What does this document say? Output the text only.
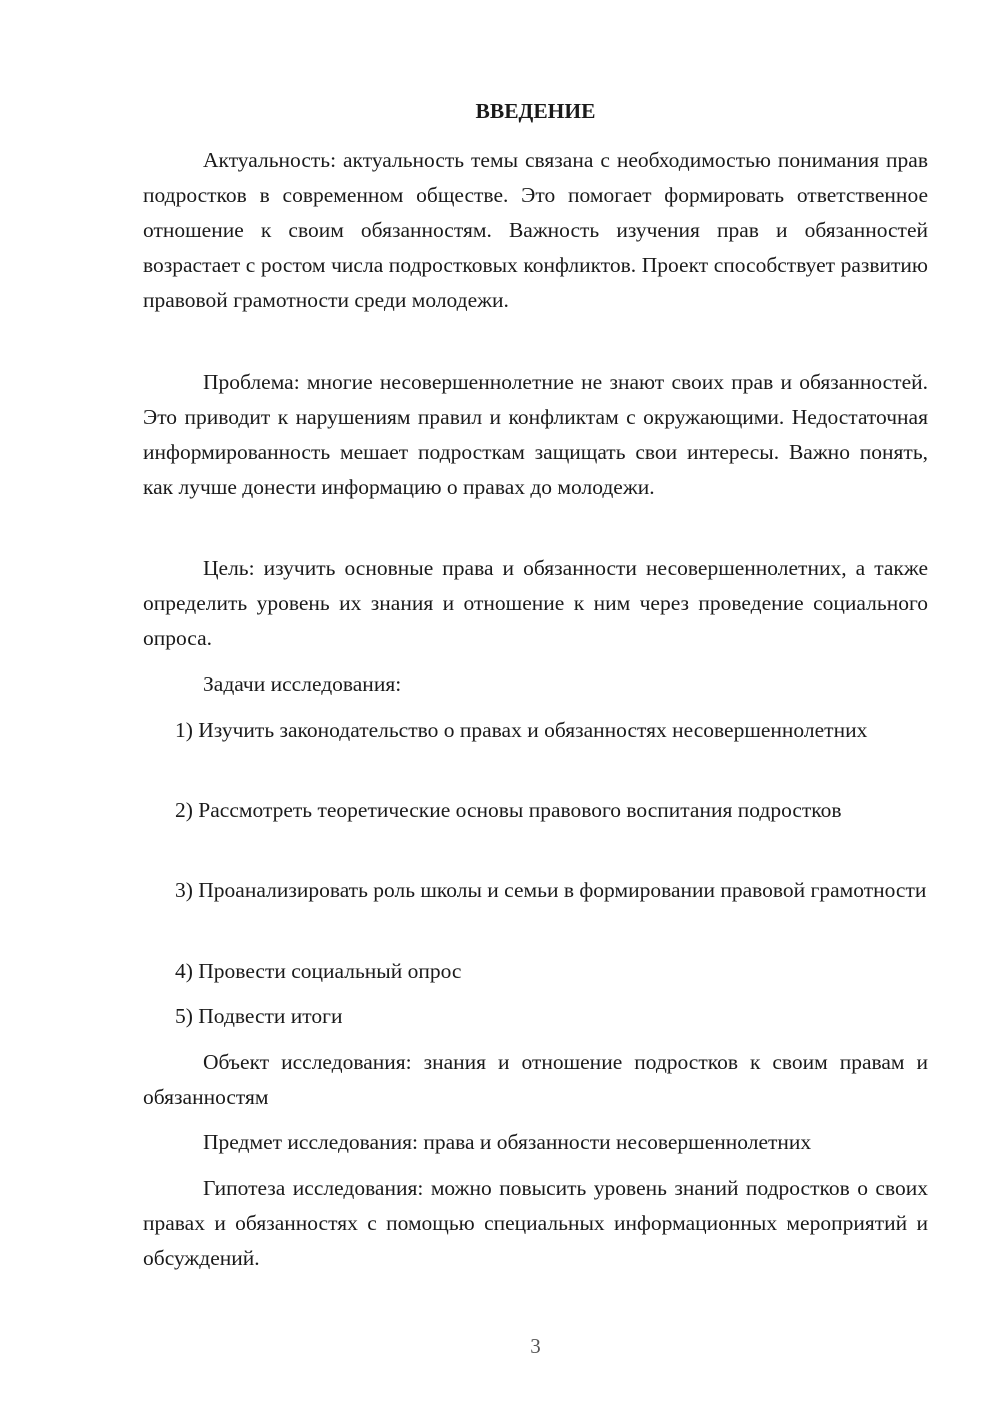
ВВЕДЕНИЕ

Актуальность: актуальность темы связана с необходимостью понимания прав подростков в современном обществе. Это помогает формировать ответственное отношение к своим обязанностям. Важность изучения прав и обязанностей возрастает с ростом числа подростковых конфликтов. Проект способствует развитию правовой грамотности среди молодежи.

Проблема: многие несовершеннолетние не знают своих прав и обязанностей. Это приводит к нарушениям правил и конфликтам с окружающими. Недостаточная информированность мешает подросткам защищать свои интересы. Важно понять, как лучше донести информацию о правах до молодежи.

Цель: изучить основные права и обязанности несовершеннолетних, а также определить уровень их знания и отношение к ним через проведение социального опроса.

Задачи исследования:

1) Изучить законодательство о правах и обязанностях несовершеннолетних

2) Рассмотреть теоретические основы правового воспитания подростков

3) Проанализировать роль школы и семьи в формировании правовой грамотности

4) Провести социальный опрос

5) Подвести итоги

Объект исследования: знания и отношение подростков к своим правам и обязанностям

Предмет исследования: права и обязанности несовершеннолетних

Гипотеза исследования: можно повысить уровень знаний подростков о своих правах и обязанностях с помощью специальных информационных мероприятий и обсуждений.

3
